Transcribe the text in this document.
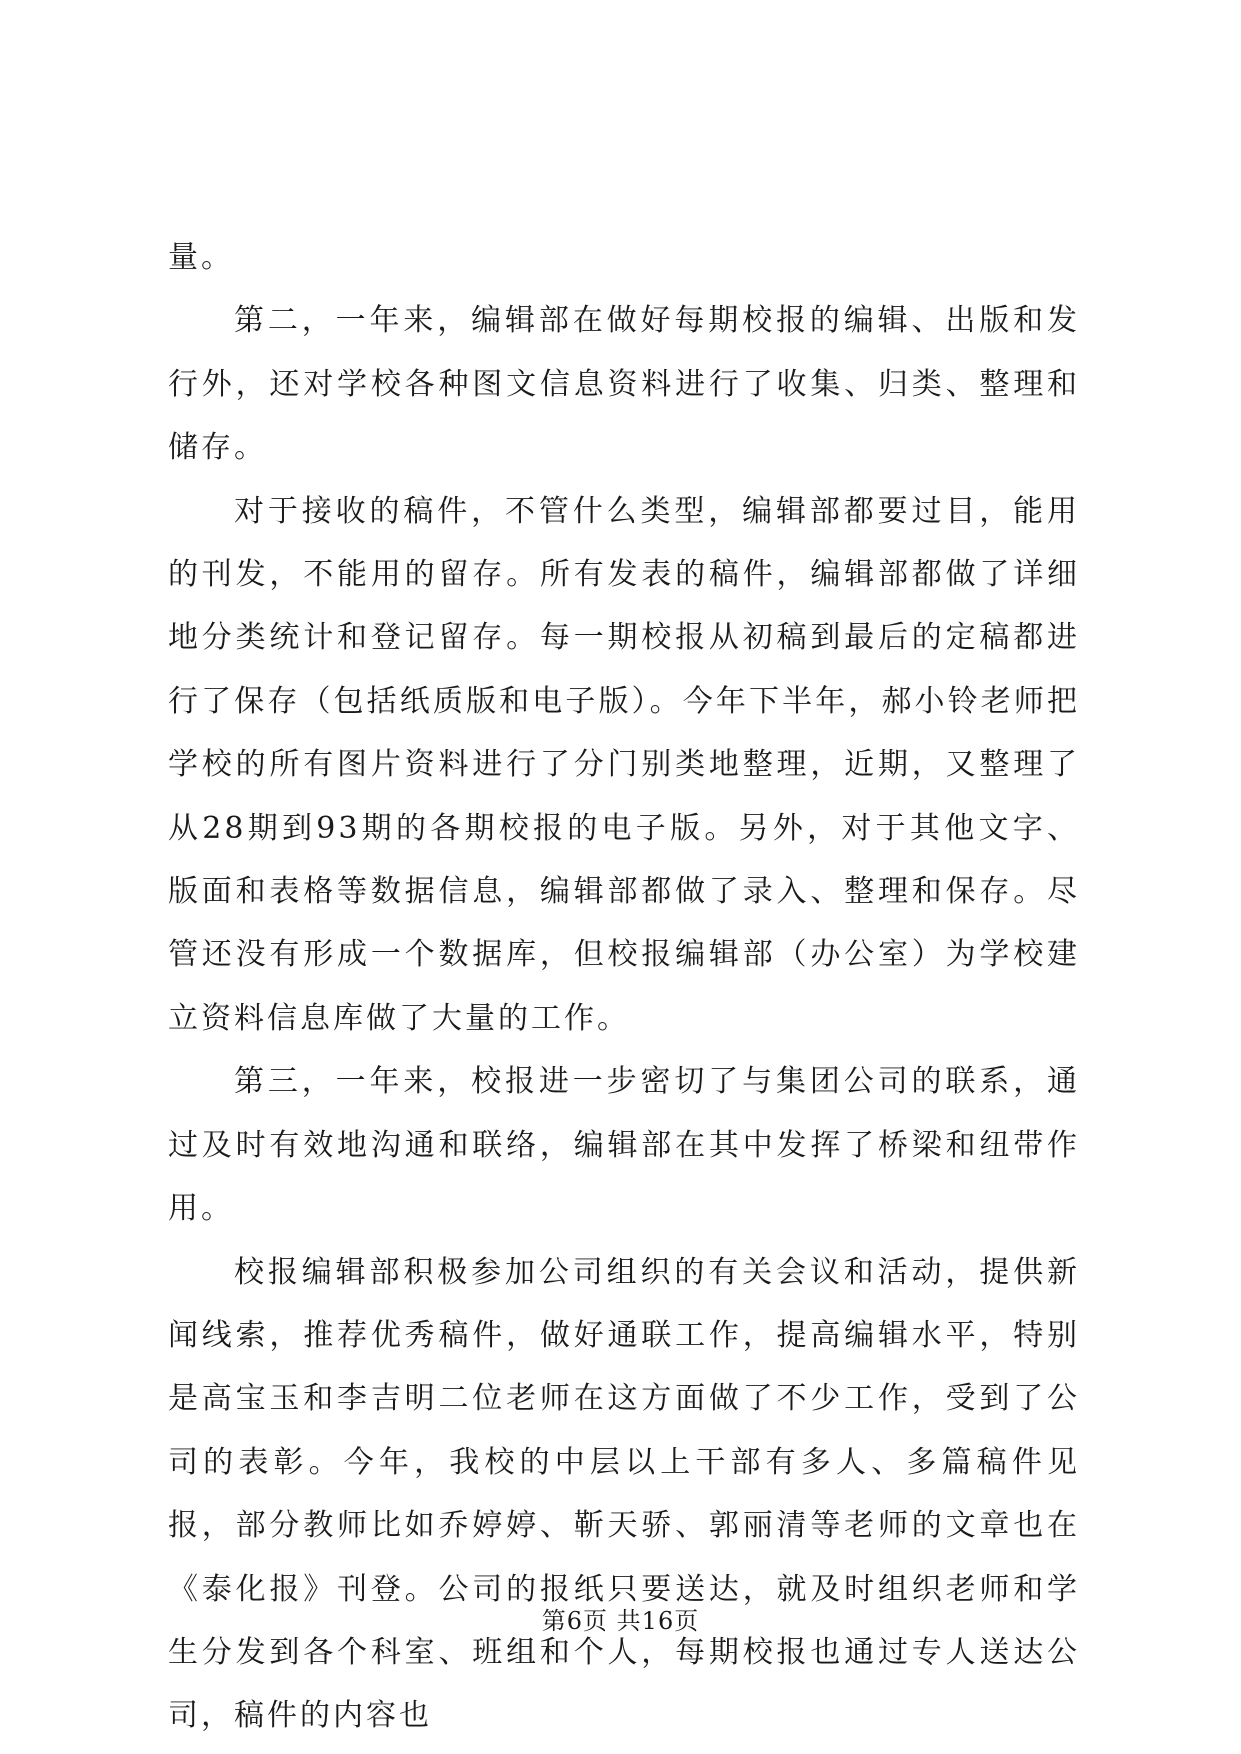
量。

第二，一年来，编辑部在做好每期校报的编辑、出版和发行外，还对学校各种图文信息资料进行了收集、归类、整理和储存。

对于接收的稿件，不管什么类型，编辑部都要过目，能用的刊发，不能用的留存。所有发表的稿件，编辑部都做了详细地分类统计和登记留存。每一期校报从初稿到最后的定稿都进行了保存（包括纸质版和电子版）。今年下半年，郝小铃老师把学校的所有图片资料进行了分门别类地整理，近期，又整理了从28期到93期的各期校报的电子版。另外，对于其他文字、版面和表格等数据信息，编辑部都做了录入、整理和保存。尽管还没有形成一个数据库，但校报编辑部（办公室）为学校建立资料信息库做了大量的工作。

第三，一年来，校报进一步密切了与集团公司的联系，通过及时有效地沟通和联络，编辑部在其中发挥了桥梁和纽带作用。

校报编辑部积极参加公司组织的有关会议和活动，提供新闻线索，推荐优秀稿件，做好通联工作，提高编辑水平，特别是高宝玉和李吉明二位老师在这方面做了不少工作，受到了公司的表彰。今年，我校的中层以上干部有多人、多篇稿件见报，部分教师比如乔婷婷、靳天骄、郭丽清等老师的文章也在《泰化报》刊登。公司的报纸只要送达，就及时组织老师和学生分发到各个科室、班组和个人，每期校报也通过专人送达公司，稿件的内容也

第6页 共16页
